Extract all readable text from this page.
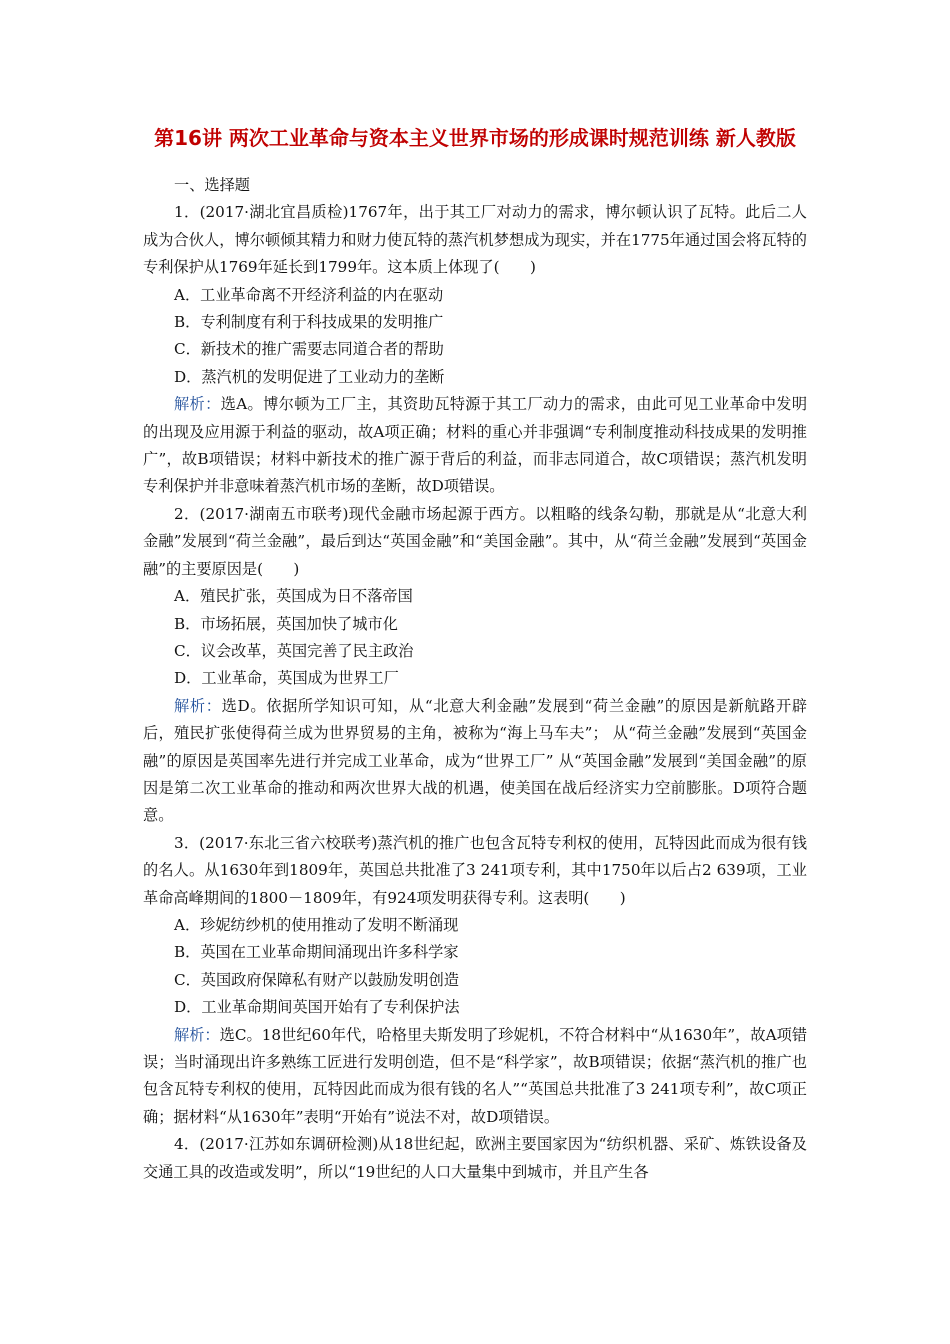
第16讲 两次工业革命与资本主义世界市场的形成课时规范训练 新人教版

一、选择题

1．(2017·湖北宜昌质检)1767年，出于其工厂对动力的需求，博尔顿认识了瓦特。此后二人成为合伙人，博尔顿倾其精力和财力使瓦特的蒸汽机梦想成为现实，并在1775年通过国会将瓦特的专利保护从1769年延长到1799年。这本质上体现了(　　)

A．工业革命离不开经济利益的内在驱动

B．专利制度有利于科技成果的发明推广

C．新技术的推广需要志同道合者的帮助

D．蒸汽机的发明促进了工业动力的垄断

解析：选A。博尔顿为工厂主，其资助瓦特源于其工厂动力的需求，由此可见工业革命中发明的出现及应用源于利益的驱动，故A项正确；材料的重心并非强调“专利制度推动科技成果的发明推广”，故B项错误；材料中新技术的推广源于背后的利益，而非志同道合，故C项错误；蒸汽机发明专利保护并非意味着蒸汽机市场的垄断，故D项错误。

2．(2017·湖南五市联考)现代金融市场起源于西方。以粗略的线条勾勒，那就是从“北意大利金融”发展到“荷兰金融”，最后到达“英国金融”和“美国金融”。其中，从“荷兰金融”发展到“英国金融”的主要原因是(　　)

A．殖民扩张，英国成为日不落帝国

B．市场拓展，英国加快了城市化

C．议会改革，英国完善了民主政治

D．工业革命，英国成为世界工厂

解析：选D。依据所学知识可知，从“北意大利金融”发展到“荷兰金融”的原因是新航路开辟后，殖民扩张使得荷兰成为世界贸易的主角，被称为“海上马车夫”； 从“荷兰金融”发展到“英国金融”的原因是英国率先进行并完成工业革命，成为“世界工厂” 从“英国金融”发展到“美国金融”的原因是第二次工业革命的推动和两次世界大战的机遇，使美国在战后经济实力空前膨胀。D项符合题意。

3．(2017·东北三省六校联考)蒸汽机的推广也包含瓦特专利权的使用，瓦特因此而成为很有钱的名人。从1630年到1809年，英国总共批准了3 241项专利，其中1750年以后占2 639项，工业革命高峰期间的1800－1809年，有924项发明获得专利。这表明(　　)

A．珍妮纺纱机的使用推动了发明不断涌现

B．英国在工业革命期间涌现出许多科学家

C．英国政府保障私有财产以鼓励发明创造

D．工业革命期间英国开始有了专利保护法

解析：选C。18世纪60年代，哈格里夫斯发明了珍妮机，不符合材料中“从1630年”，故A项错误；当时涌现出许多熟练工匠进行发明创造，但不是“科学家”，故B项错误；依据“蒸汽机的推广也包含瓦特专利权的使用，瓦特因此而成为很有钱的名人”“英国总共批准了3 241项专利”，故C项正确；据材料“从1630年”表明“开始有”说法不对，故D项错误。

4．(2017·江苏如东调研检测)从18世纪起，欧洲主要国家因为“纺织机器、采矿、炼铁设备及交通工具的改造或发明”，所以“19世纪的人口大量集中到城市，并且产生各
